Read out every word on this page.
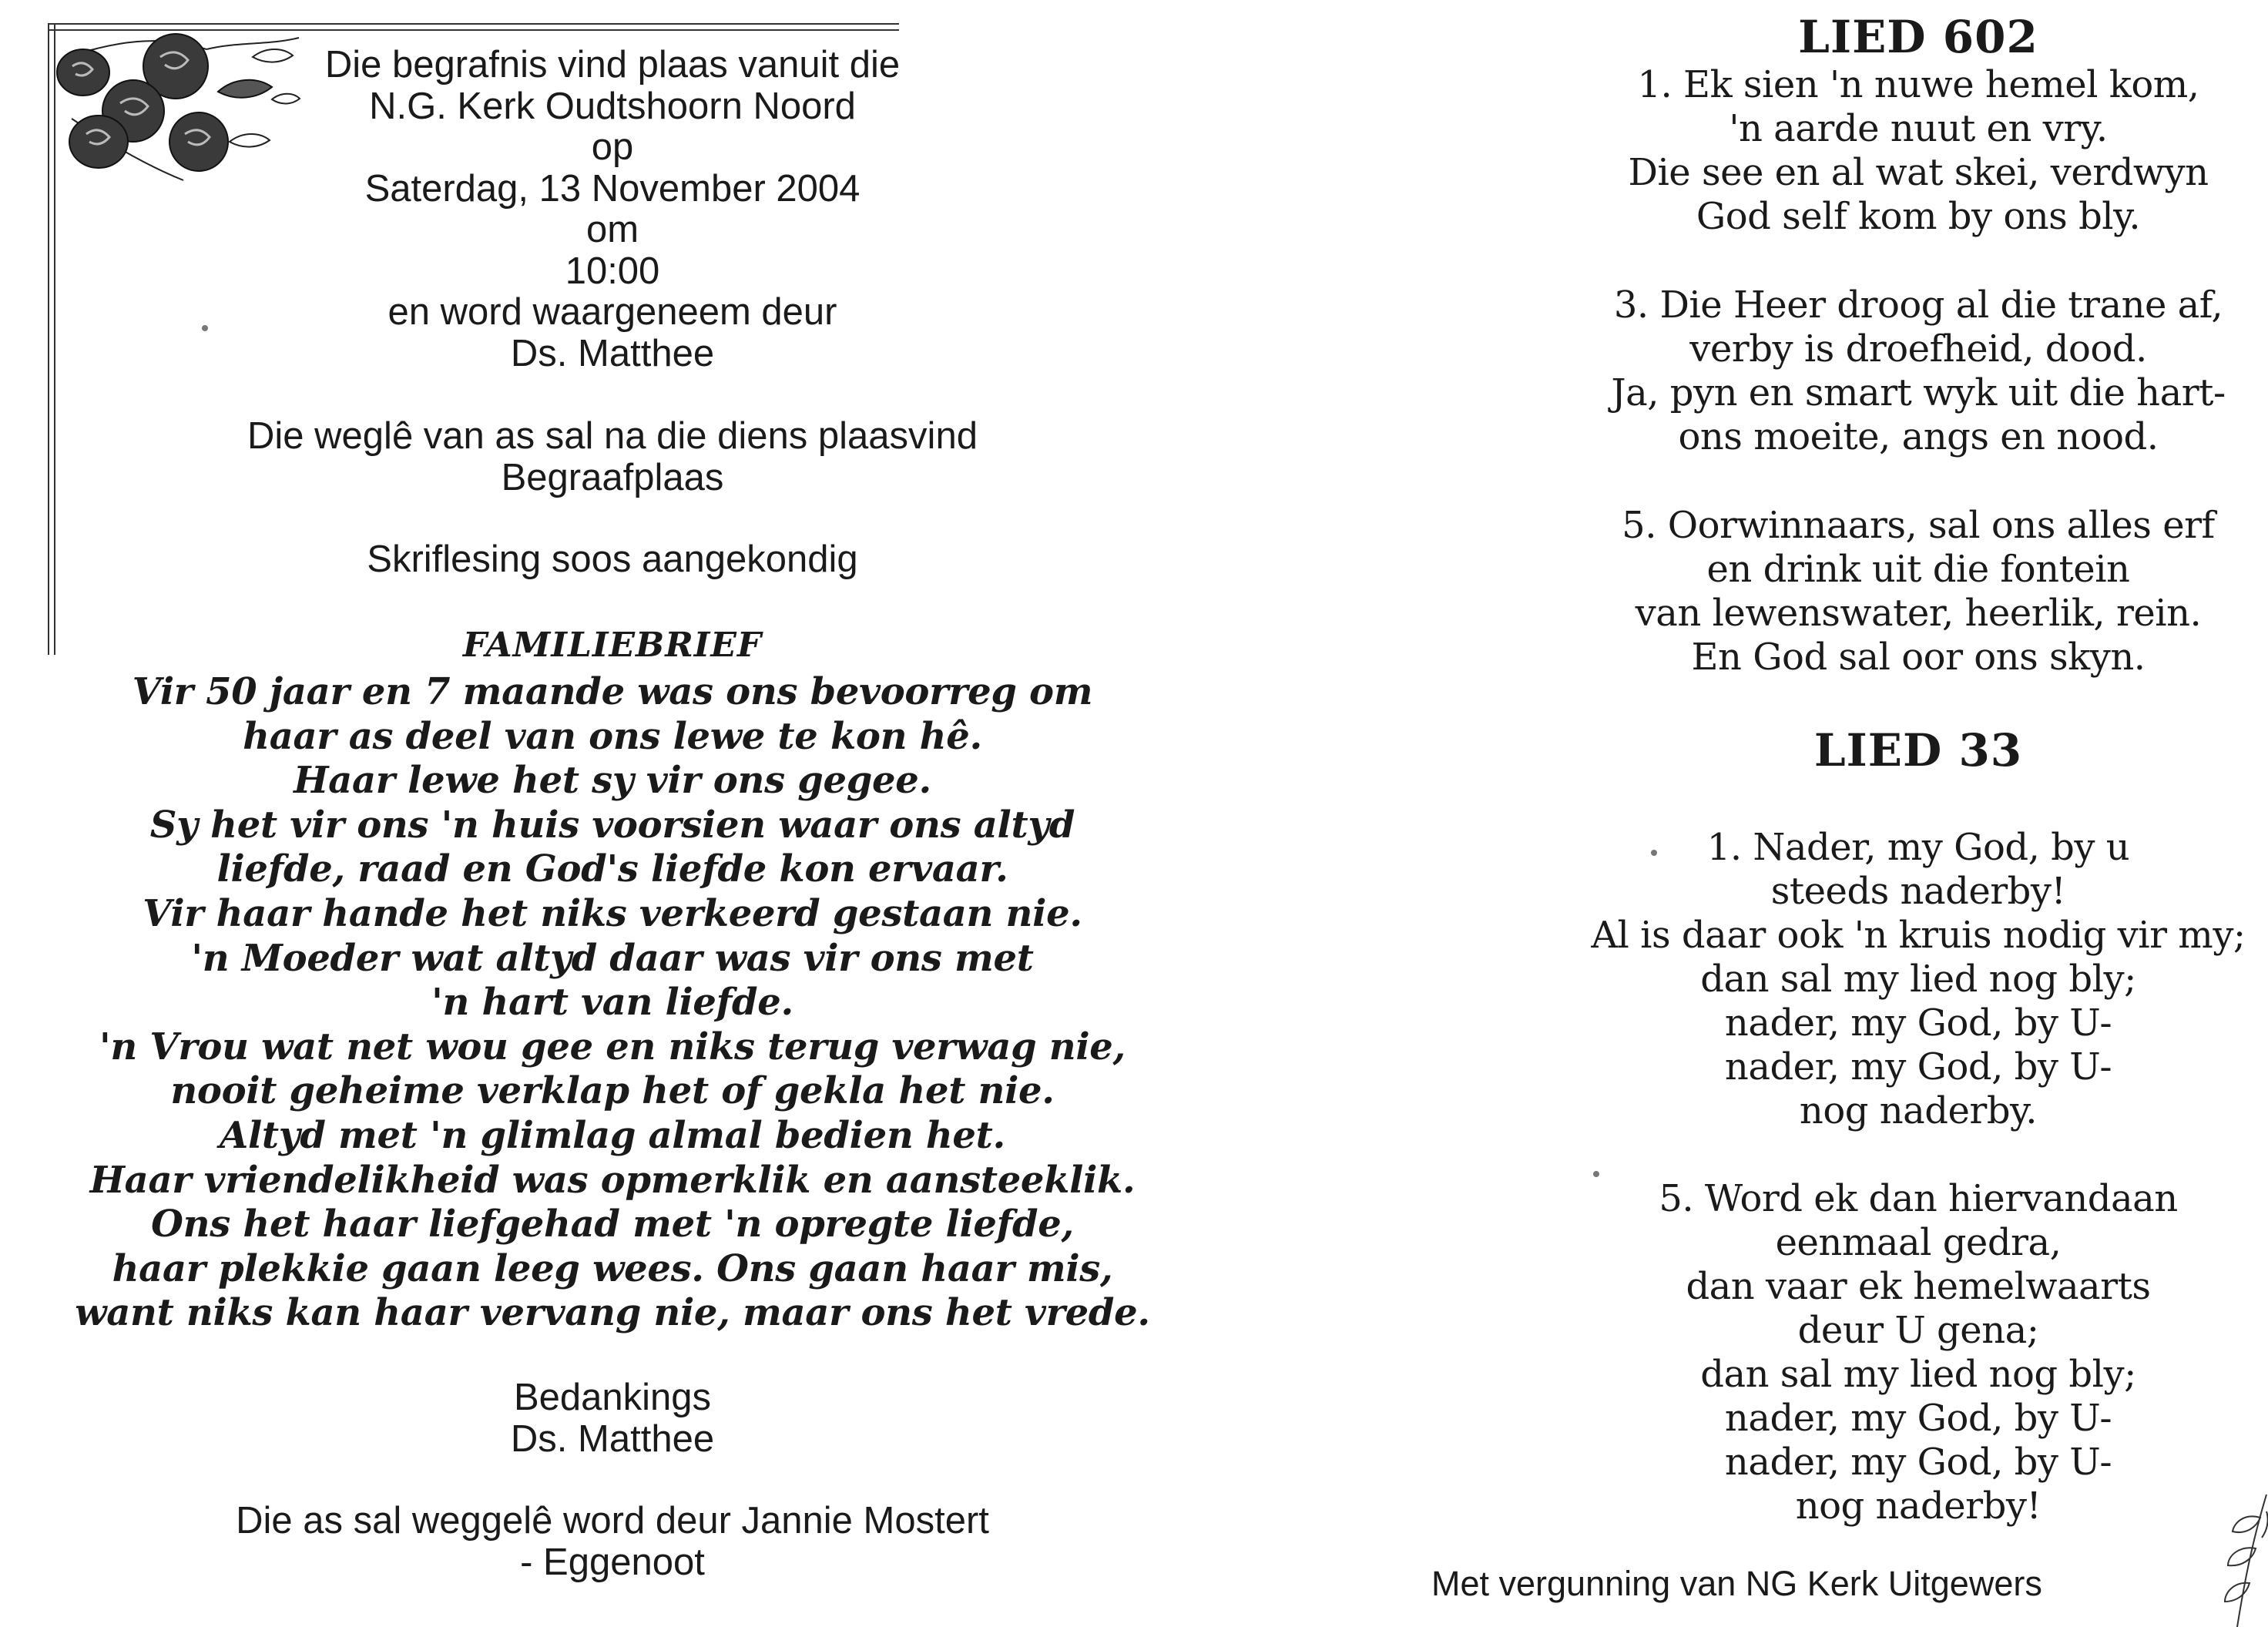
Die begrafnis vind plaas vanuit die
N.G. Kerk Oudtshoorn Noord
op
Saterdag, 13 November 2004
om
10:00
en word waargeneem deur
Ds. Matthee
Die weglê van as sal na die diens plaasvind
Begraafplaas
Skriflesing soos aangekondig
FAMILIEBRIEF
Vir 50 jaar en 7 maande was ons bevoorreg om
haar as deel van ons lewe te kon hê.
Haar lewe het sy vir ons gegee.
Sy het vir ons 'n huis voorsien waar ons altyd
liefde, raad en God's liefde kon ervaar.
Vir haar hande het niks verkeerd gestaan nie.
'n Moeder wat altyd daar was vir ons met
'n hart van liefde.
'n Vrou wat net wou gee en niks terug verwag nie,
nooit geheime verklap het of gekla het nie.
Altyd met 'n glimlag almal bedien het.
Haar vriendelikheid was opmerklik en aansteeklik.
Ons het haar liefgehad met 'n opregte liefde,
haar plekkie gaan leeg wees. Ons gaan haar mis,
want niks kan haar vervang nie, maar ons het vrede.
Bedankings
Ds. Matthee
Die as sal weggelê word deur Jannie Mostert
- Eggenoot
LIED 602
1. Ek sien 'n nuwe hemel kom,
'n aarde nuut en vry.
Die see en al wat skei, verdwyn
God self kom by ons bly.
3. Die Heer droog al die trane af,
verby is droefheid, dood.
Ja, pyn en smart wyk uit die hart-
ons moeite, angs en nood.
5. Oorwinnaars, sal ons alles erf
en drink uit die fontein
van lewenswater, heerlik, rein.
En God sal oor ons skyn.
LIED 33
1. Nader, my God, by u
steeds naderby!
Al is daar ook 'n kruis nodig vir my;
dan sal my lied nog bly;
nader, my God, by U-
nader, my God, by U-
nog naderby.
5. Word ek dan hiervandaan
eenmaal gedra,
dan vaar ek hemelwaarts
deur U gena;
dan sal my lied nog bly;
nader, my God, by U-
nader, my God, by U-
nog naderby!
Met vergunning van NG Kerk Uitgewers
